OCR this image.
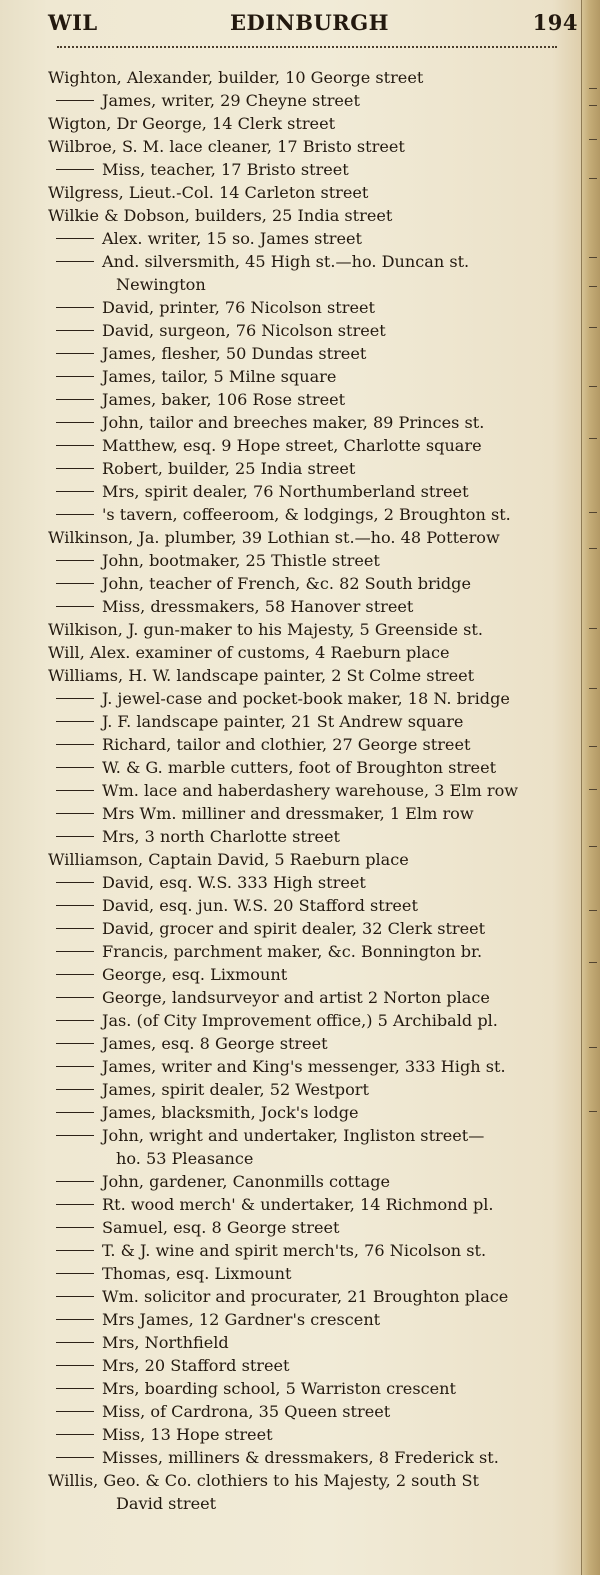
WIL	EDINBURGH	194
Wighton, Alexander, builder, 10 George street
James, writer, 29 Cheyne street
Wigton, Dr George, 14 Clerk street
Wilbroe, S. M. lace cleaner, 17 Bristo street
Miss, teacher, 17 Bristo street
Wilgress, Lieut.-Col. 14 Carleton street
Wilkie & Dobson, builders, 25 India street
Alex. writer, 15 so. James street
And. silversmith, 45 High st.—ho. Duncan st.
Newington
David, printer, 76 Nicolson street
David, surgeon, 76 Nicolson street
James, flesher, 50 Dundas street
James, tailor, 5 Milne square
James, baker, 106 Rose street
John, tailor and breeches maker, 89 Princes st.
Matthew, esq. 9 Hope street, Charlotte square
Robert, builder, 25 India street
Mrs, spirit dealer, 76 Northumberland street
's tavern, coffeeroom, & lodgings, 2 Broughton st.
Wilkinson, Ja. plumber, 39 Lothian st.—ho. 48 Potterow
John, bootmaker, 25 Thistle street
John, teacher of French, &c. 82 South bridge
Miss, dressmakers, 58 Hanover street
Wilkison, J. gun-maker to his Majesty, 5 Greenside st.
Will, Alex. examiner of customs, 4 Raeburn place
Williams, H. W. landscape painter, 2 St Colme street
J. jewel-case and pocket-book maker, 18 N. bridge
J. F. landscape painter, 21 St Andrew square
Richard, tailor and clothier, 27 George street
W. & G. marble cutters, foot of Broughton street
Wm. lace and haberdashery warehouse, 3 Elm row
Mrs Wm. milliner and dressmaker, 1 Elm row
Mrs, 3 north Charlotte street
Williamson, Captain David, 5 Raeburn place
David, esq. W.S. 333 High street
David, esq. jun. W.S. 20 Stafford street
David, grocer and spirit dealer, 32 Clerk street
Francis, parchment maker, &c. Bonnington br.
George, esq. Lixmount
George, landsurveyor and artist 2 Norton place
Jas. (of City Improvement office,) 5 Archibald pl.
James, esq. 8 George street
James, writer and King's messenger, 333 High st.
James, spirit dealer, 52 Westport
James, blacksmith, Jock's lodge
John, wright and undertaker, Ingliston street—
ho. 53 Pleasance
John, gardener, Canonmills cottage
Rt. wood merch' & undertaker, 14 Richmond pl.
Samuel, esq. 8 George street
T. & J. wine and spirit merch'ts, 76 Nicolson st.
Thomas, esq. Lixmount
Wm. solicitor and procurater, 21 Broughton place
Mrs James, 12 Gardner's crescent
Mrs, Northfield
Mrs, 20 Stafford street
Mrs, boarding school, 5 Warriston crescent
Miss, of Cardrona, 35 Queen street
Miss, 13 Hope street
Misses, milliners & dressmakers, 8 Frederick st.
Willis, Geo. & Co. clothiers to his Majesty, 2 south St
David street
